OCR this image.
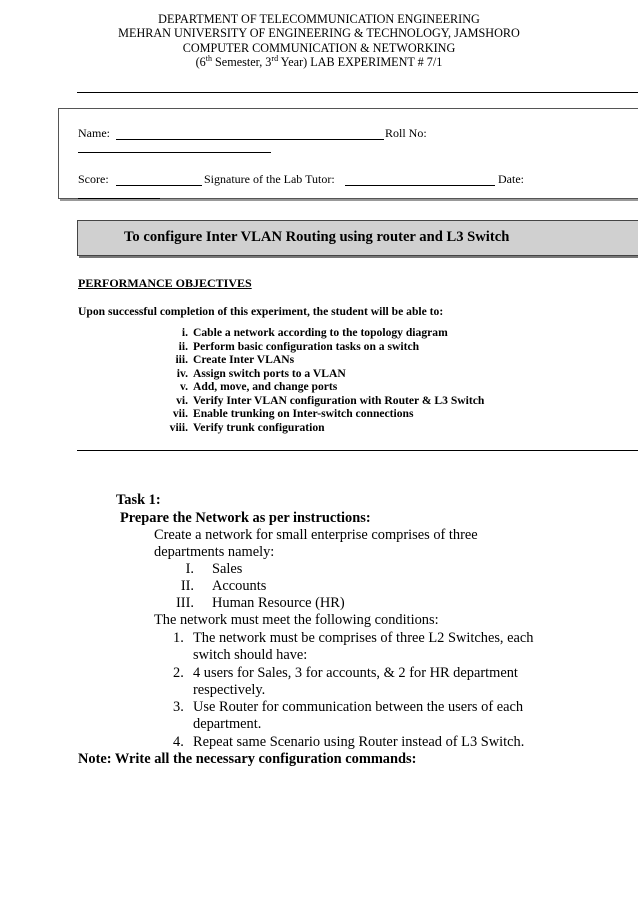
DEPARTMENT OF TELECOMMUNICATION ENGINEERING
MEHRAN UNIVERSITY OF ENGINEERING & TECHNOLOGY, JAMSHORO
COMPUTER COMMUNICATION & NETWORKING
(6th Semester, 3rd Year) LAB EXPERIMENT # 7/1
Name:	Roll No:
Score:	Signature of the Lab Tutor:	Date:
To configure Inter VLAN Routing using router and L3 Switch
PERFORMANCE OBJECTIVES
Upon successful completion of this experiment, the student will be able to:
i. Cable a network according to the topology diagram
ii. Perform basic configuration tasks on a switch
iii. Create Inter VLANs
iv. Assign switch ports to a VLAN
v. Add, move, and change ports
vi. Verify Inter VLAN configuration with Router & L3 Switch
vii. Enable trunking on Inter-switch connections
viii. Verify trunk configuration
Task 1:
Prepare the Network as per instructions:
Create a network for small enterprise comprises of three
departments namely:
I. Sales
II. Accounts
III. Human Resource (HR)
The network must meet the following conditions:
1. The network must be comprises of three L2 Switches, each
switch should have:
2. 4 users for Sales, 3 for accounts, & 2 for HR department
respectively.
3. Use Router for communication between the users of each
department.
4. Repeat same Scenario using Router instead of L3 Switch.
Note: Write all the necessary configuration commands:
